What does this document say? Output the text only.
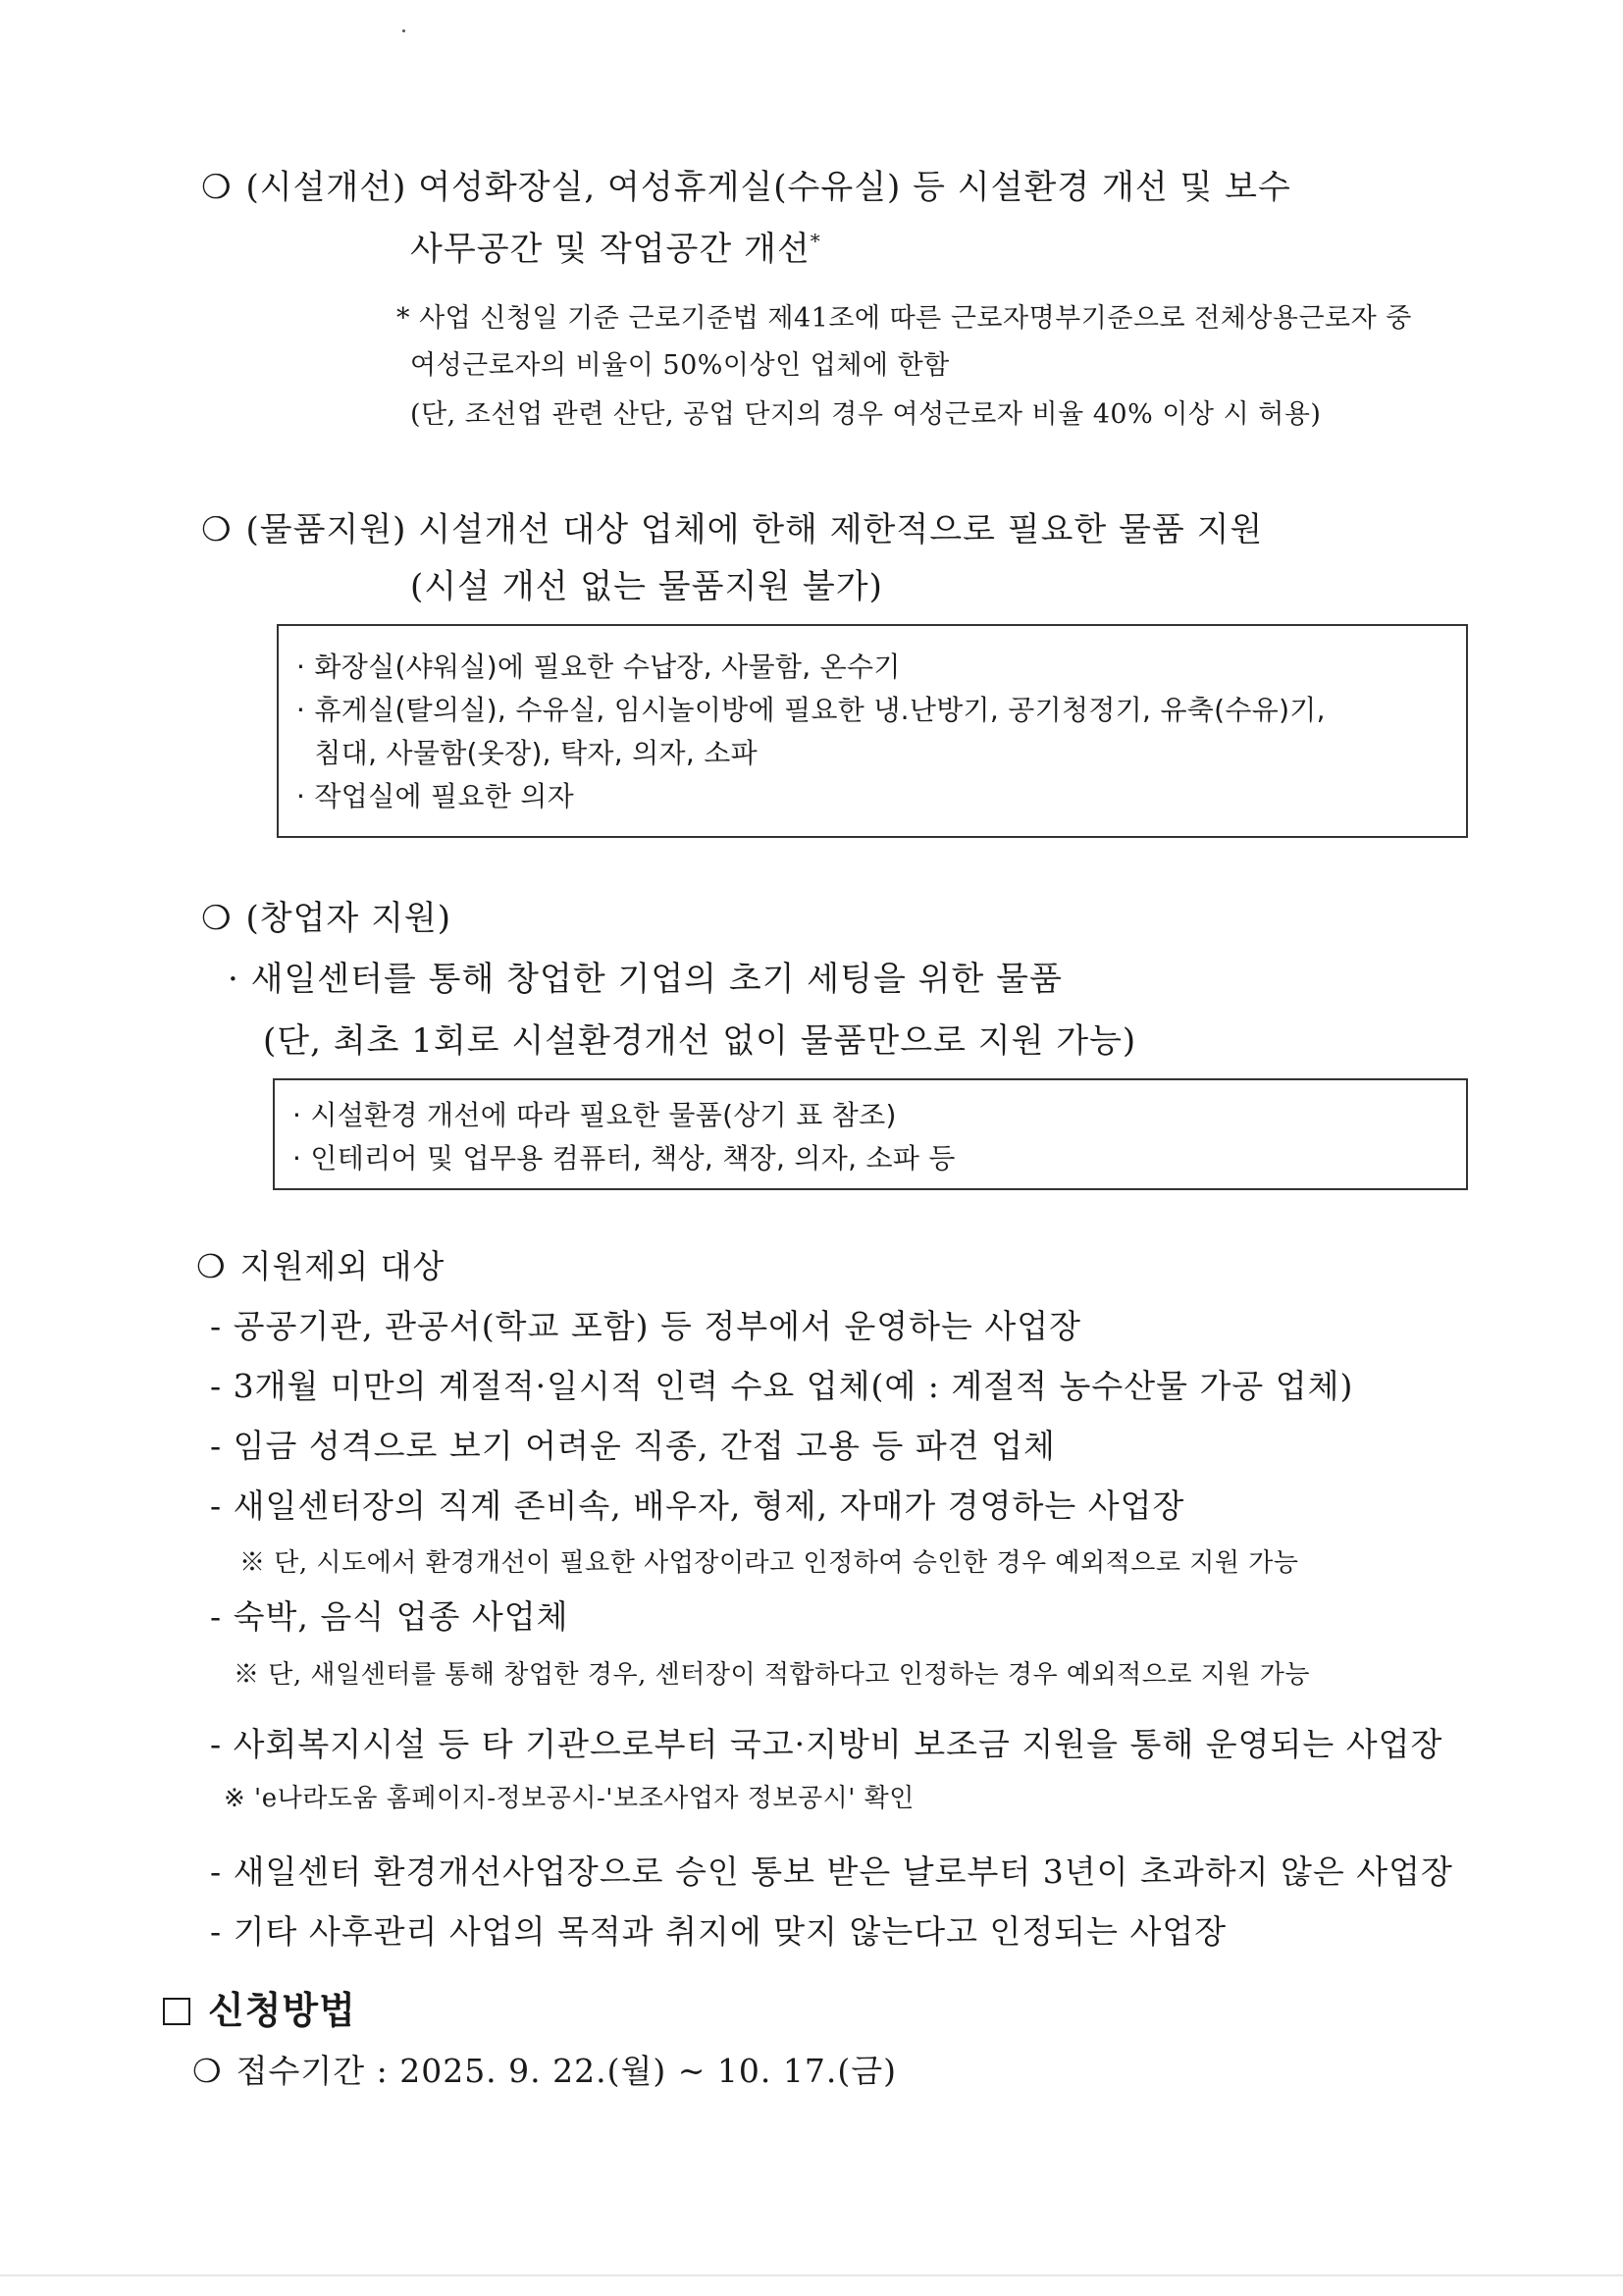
❍ (시설개선) 여성화장실, 여성휴게실(수유실) 등 시설환경 개선 및 보수
사무공간 및 작업공간 개선*
* 사업 신청일 기준 근로기준법 제41조에 따른 근로자명부기준으로 전체상용근로자 중
여성근로자의 비율이 50%이상인 업체에 한함
(단, 조선업 관련 산단, 공업 단지의 경우 여성근로자 비율 40% 이상 시 허용)
❍ (물품지원) 시설개선 대상 업체에 한해 제한적으로 필요한 물품 지원
(시설 개선 없는 물품지원 불가)
· 화장실(샤워실)에 필요한 수납장, 사물함, 온수기
· 휴게실(탈의실), 수유실, 임시놀이방에 필요한 냉.난방기, 공기청정기, 유축(수유)기,
침대, 사물함(옷장), 탁자, 의자, 소파
· 작업실에 필요한 의자
❍ (창업자 지원)
· 새일센터를 통해 창업한 기업의 초기 세팅을 위한 물품
(단, 최초 1회로 시설환경개선 없이 물품만으로 지원 가능)
· 시설환경 개선에 따라 필요한 물품(상기 표 참조)
· 인테리어 및 업무용 컴퓨터, 책상, 책장, 의자, 소파 등
❍ 지원제외 대상
- 공공기관, 관공서(학교 포함) 등 정부에서 운영하는 사업장
- 3개월 미만의 계절적·일시적 인력 수요 업체(예 : 계절적 농수산물 가공 업체)
- 임금 성격으로 보기 어려운 직종, 간접 고용 등 파견 업체
- 새일센터장의 직계 존비속, 배우자, 형제, 자매가 경영하는 사업장
※ 단, 시도에서 환경개선이 필요한 사업장이라고 인정하여 승인한 경우 예외적으로 지원 가능
- 숙박, 음식 업종 사업체
※ 단, 새일센터를 통해 창업한 경우, 센터장이 적합하다고 인정하는 경우 예외적으로 지원 가능
- 사회복지시설 등 타 기관으로부터 국고·지방비 보조금 지원을 통해 운영되는 사업장
※ 'e나라도움 홈페이지-정보공시-'보조사업자 정보공시' 확인
- 새일센터 환경개선사업장으로 승인 통보 받은 날로부터 3년이 초과하지 않은 사업장
- 기타 사후관리 사업의 목적과 취지에 맞지 않는다고 인정되는 사업장
신청방법
❍ 접수기간 : 2025. 9. 22.(월) ~ 10. 17.(금)
